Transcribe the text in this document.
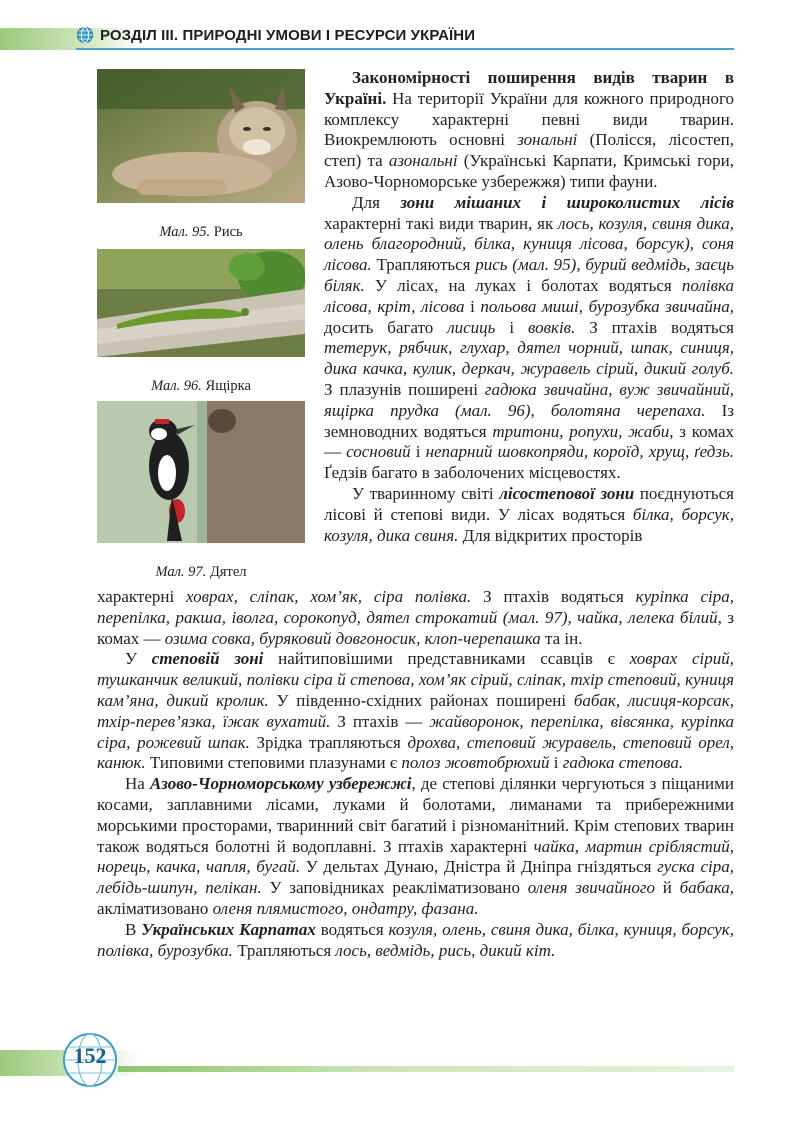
РОЗДІЛ ІІІ. ПРИРОДНІ УМОВИ І РЕСУРСИ УКРАЇНИ
Мал. 95. Рись
Мал. 96. Ящірка
Мал. 97. Дятел

Закономірності поширення видів тварин в Україні. На території України для кожного природного комплексу характерні певні види тварин. Виокремлюють основні зональні (Полісся, лісостеп, степ) та азональні (Українські Карпати, Кримські гори, Азово-Чорноморське узбережжя) типи фауни.

Для зони мішаних і широколистих лісів характерні такі види тварин, як лось, козуля, свиня дика, олень благородний, білка, куниця лісова, борсук), соня лісова. Трапляються рись (мал. 95), бурий ведмідь, заєць біляк. У лісах, на луках і болотах водяться полівка лісова, кріт, лісова і польова миші, бурозубка звичайна, досить багато лисиць і вовків. З птахів водяться тетерук, рябчик, глухар, дятел чорний, шпак, синиця, дика качка, кулик, деркач, журавель сірий, дикий голуб. З плазунів поширені гадюка звичайна, вуж звичайний, ящірка прудка (мал. 96), болотяна черепаха. Із земноводних водяться тритони, ропухи, жаби, з комах — сосновий і непарний шовкопряди, короїд, хрущ, ґедзь. Ґедзів багато в заболочених місцевостях.

У тваринному світі лісостепової зони поєднуються лісові й степові види. У лісах водяться білка, борсук, козуля, дика свиня. Для відкритих просторів

характерні ховрах, сліпак, хом’як, сіра полівка. З птахів водяться куріпка сіра, перепілка, ракша, іволга, сорокопуд, дятел строкатий (мал. 97), чайка, лелека білий, з комах — озима совка, буряковий довгоносик, клоп-черепашка та ін.

У степовій зоні найтиповішими представниками ссавців є ховрах сірий, тушканчик великий, полівки сіра й степова, хом’як сірий, сліпак, тхір степовий, куниця кам’яна, дикий кролик. У південно-східних районах поширені бабак, лисиця-корсак, тхір-перев’язка, їжак вухатий. З птахів — жайворонок, перепілка, вівсянка, куріпка сіра, рожевий шпак. Зрідка трапляються дрохва, степовий журавель, степовий орел, канюк. Типовими степовими плазунами є полоз жовтобрюхий і гадюка степова.

На Азово-Чорноморському узбережжі, де степові ділянки чергуються з піщаними косами, заплавними лісами, луками й болотами, лиманами та прибережними морськими просторами, тваринний світ багатий і різноманітний. Крім степових тварин також водяться болотні й водоплавні. З птахів характерні чайка, мартин сріблястий, норець, качка, чапля, бугай. У дельтах Дунаю, Дністра й Дніпра гніздяться гуска сіра, лебідь-шипун, пелікан. У заповідниках реакліматизовано оленя звичайного й бабака, акліматизовано оленя плямистого, ондатру, фазана.

В Українських Карпатах водяться козуля, олень, свиня дика, білка, куниця, борсук, полівка, бурозубка. Трапляються лось, ведмідь, рись, дикий кіт.

152
